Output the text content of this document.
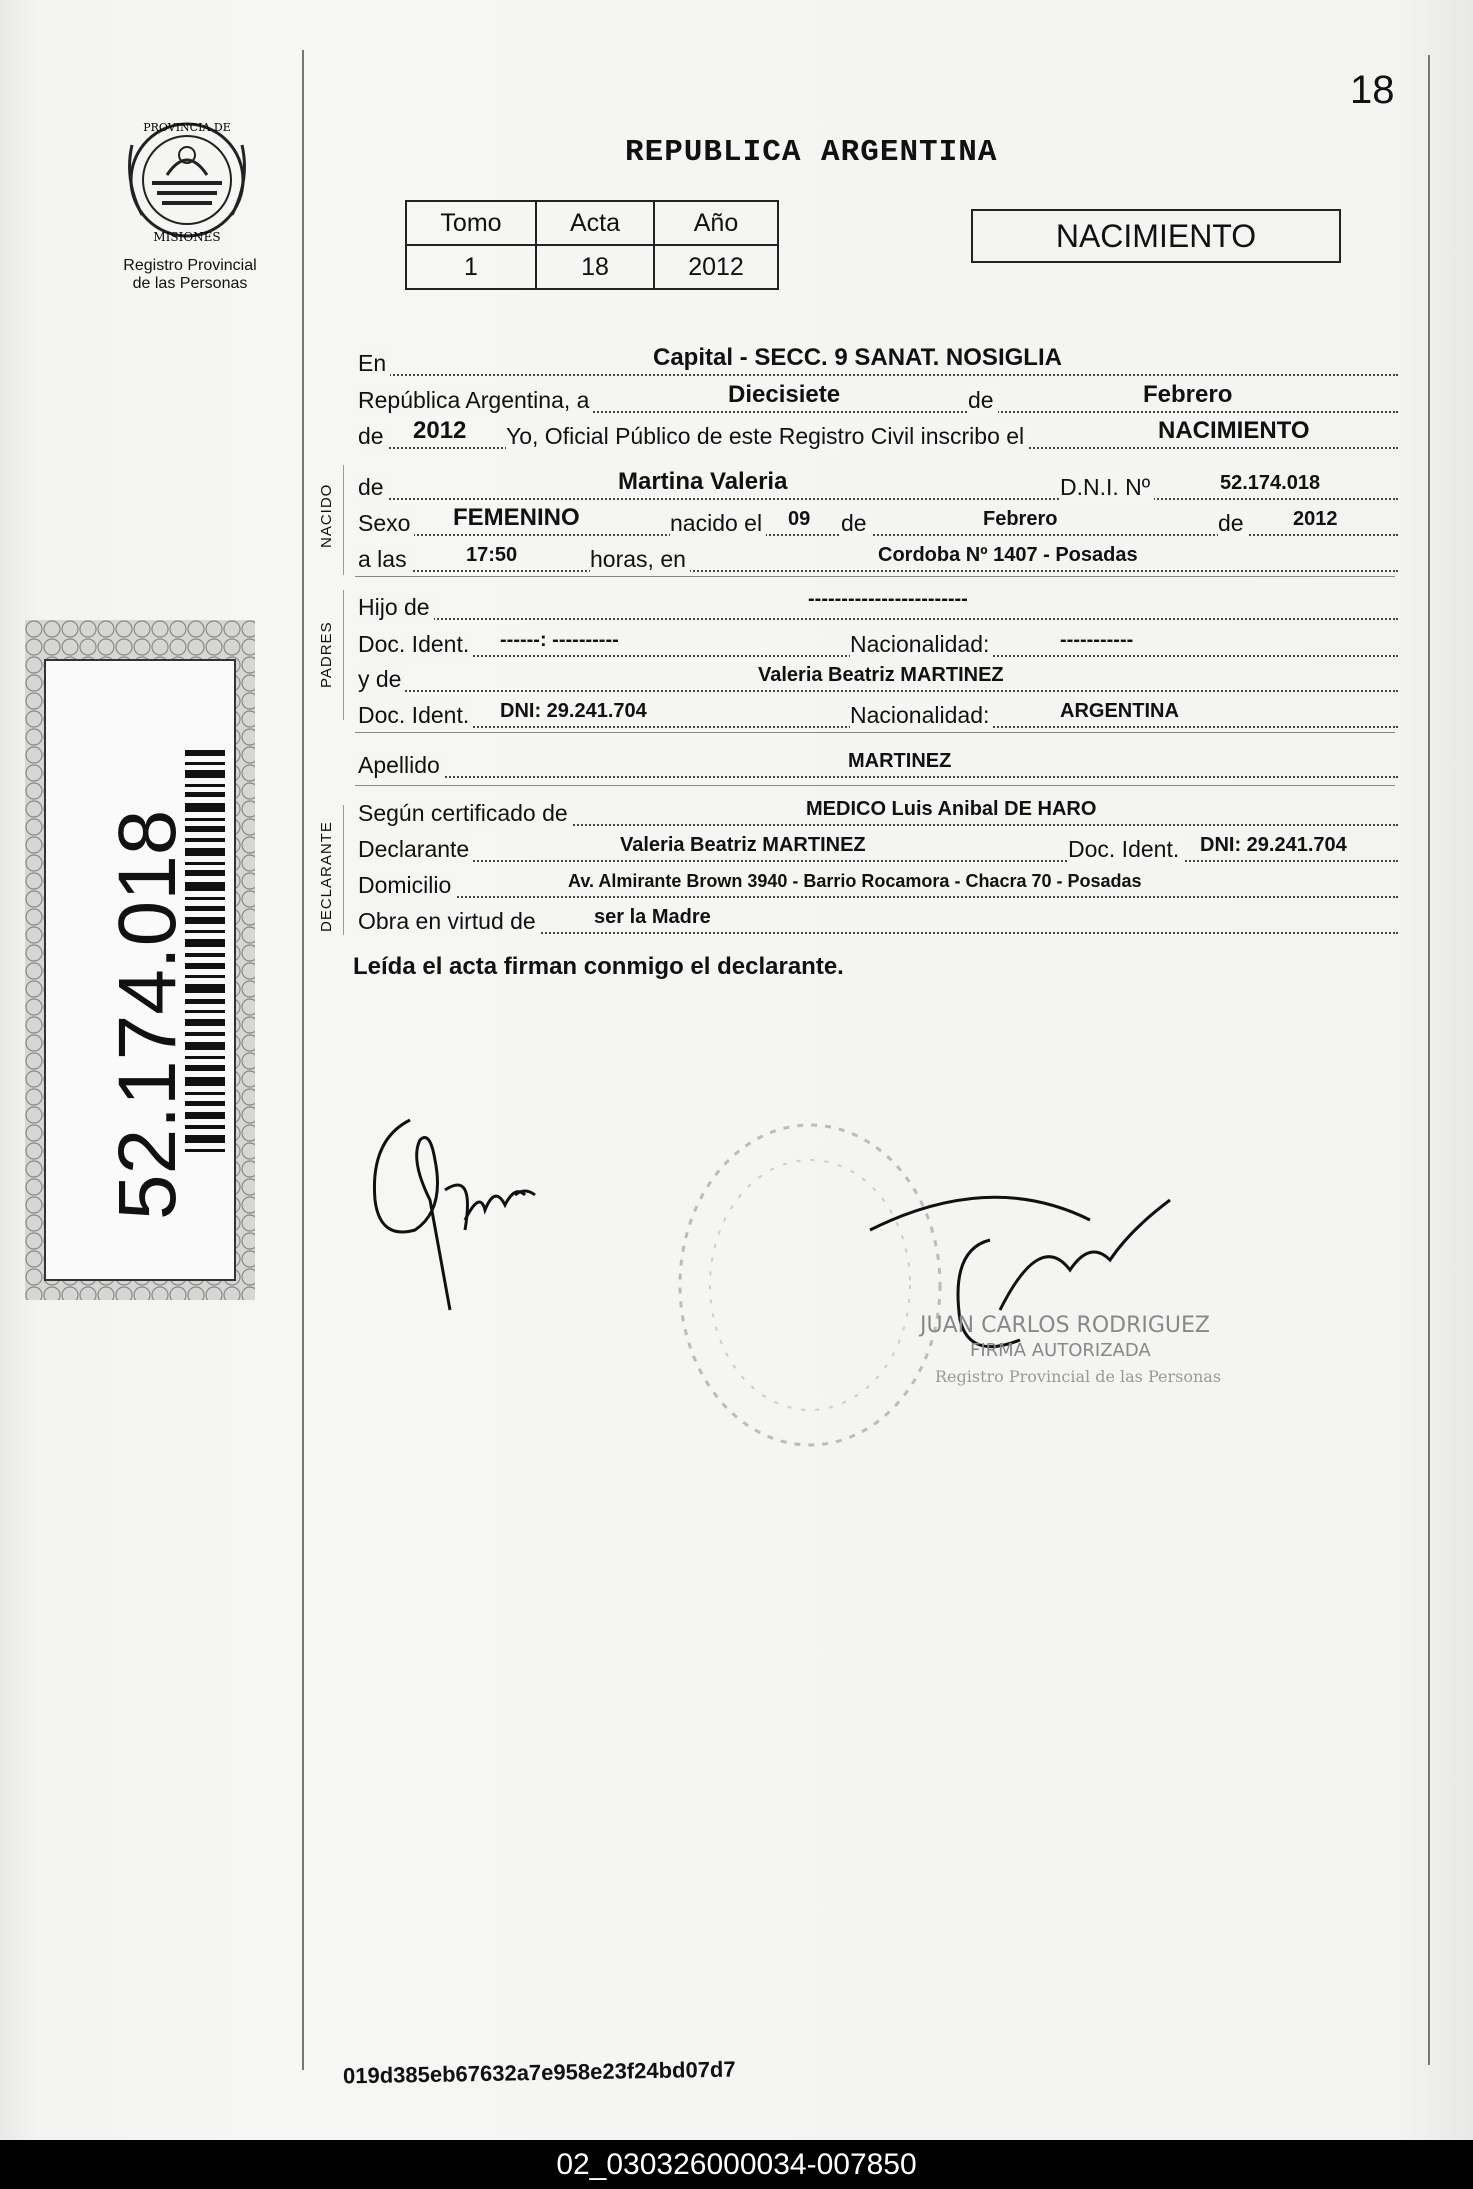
18
PROVINCIA DE
MISIONES
Registro Provincial
de las Personas
REPUBLICA ARGENTINA
Tomo	Acta	Año
1	18	2012
NACIMIENTO
52.174.018
NACIDO
PADRES
DECLARANTE
En	Capital - SECC. 9 SANAT. NOSIGLIA
República Argentina, a	Diecisiete	de	Febrero
de 2012 Yo, Oficial Público de este Registro Civil inscribo el	NACIMIENTO
de	Martina Valeria	D.N.I. Nº	52.174.018
Sexo FEMENINO	nacido el 09 de	Febrero	de 2012
a las	17:50	horas, en	Cordoba Nº 1407 - Posadas
Hijo de	------------------------
Doc. Ident. ------: ----------	Nacionalidad:	-----------
y de	Valeria Beatriz MARTINEZ
Doc. Ident. DNI: 29.241.704	Nacionalidad:	ARGENTINA
Apellido	MARTINEZ
Según certificado de	MEDICO Luis Anibal DE HARO
Declarante	Valeria Beatriz MARTINEZ	Doc. Ident. DNI: 29.241.704
Domicilio	Av. Almirante Brown 3940 - Barrio Rocamora - Chacra 70 - Posadas
Obra en virtud de	ser la Madre
Leída el acta firman conmigo el declarante.
JUAN CARLOS RODRIGUEZ
FIRMA AUTORIZADA
Registro Provincial de las Personas
019d385eb67632a7e958e23f24bd07d7
02_030326000034-007850
